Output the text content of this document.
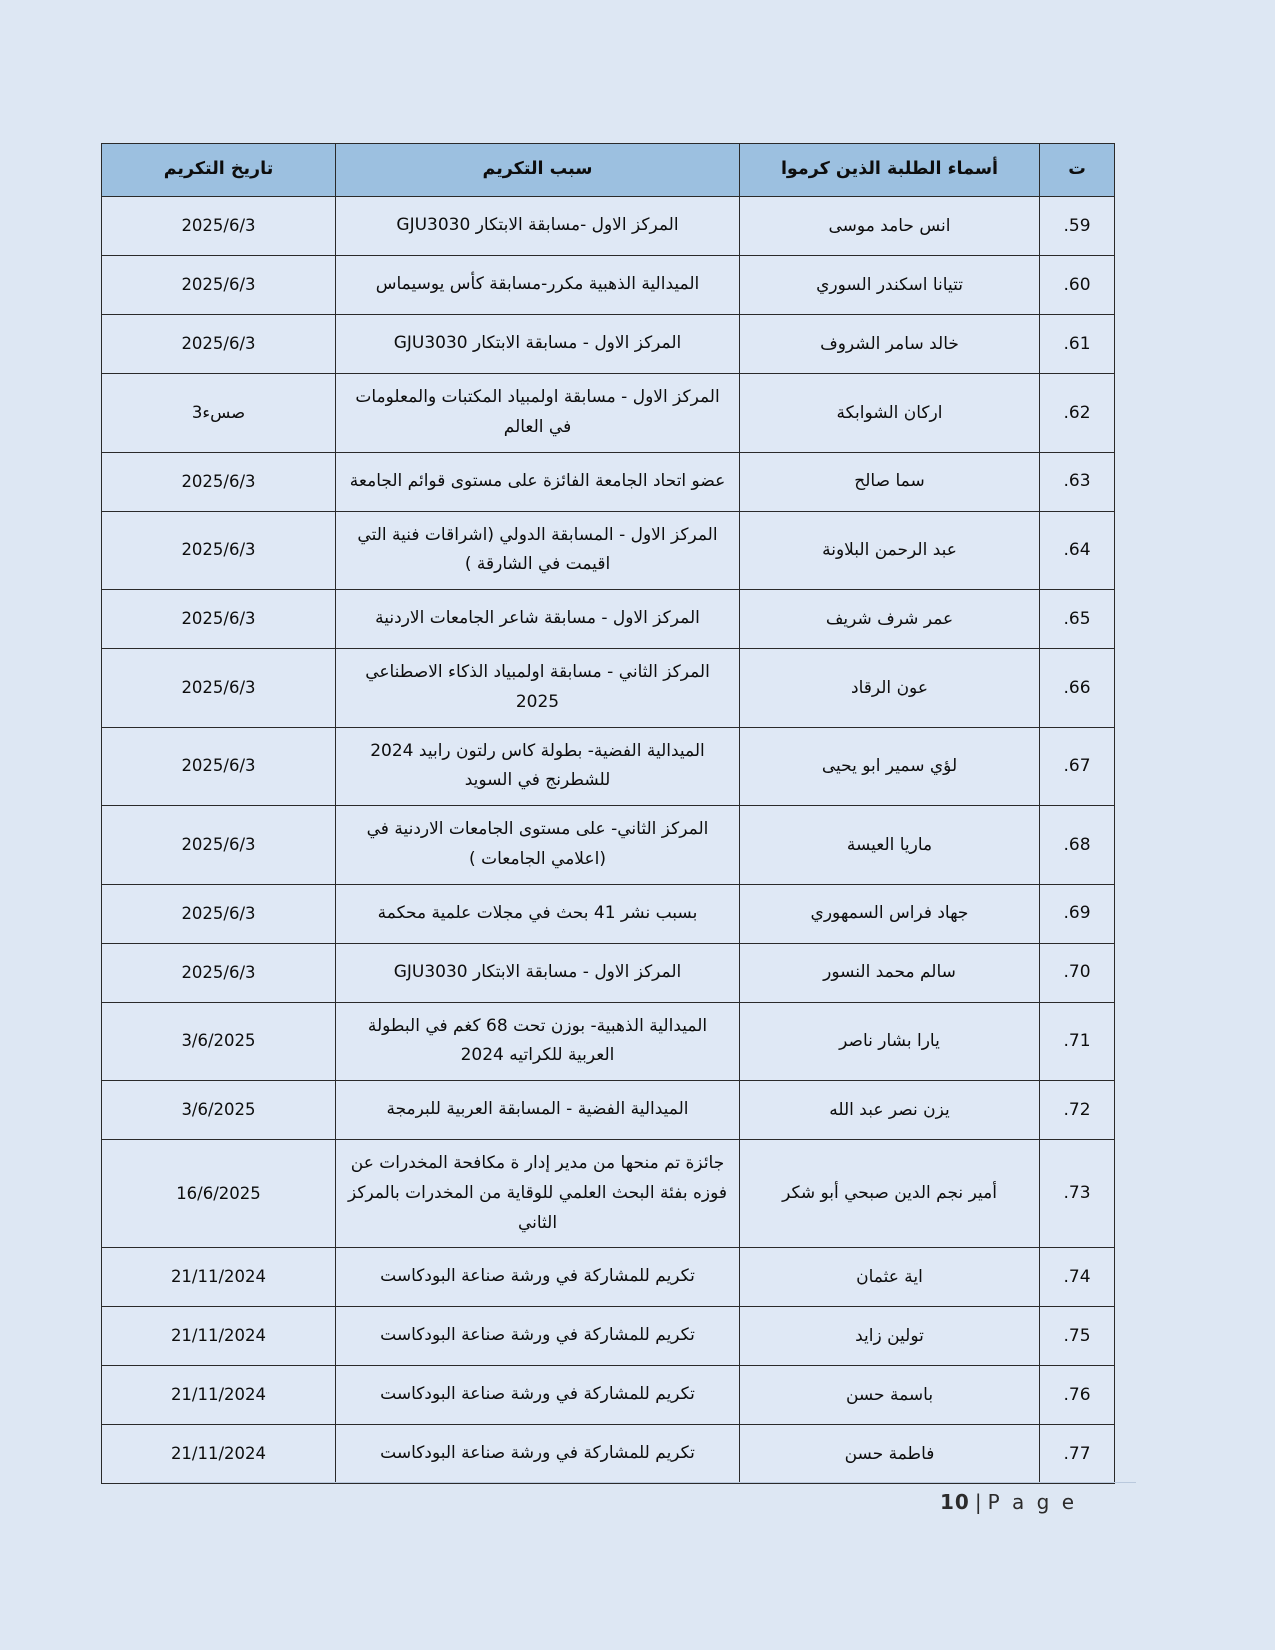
ت	أسماء الطلبة الذين كرموا	سبب التكريم	تاريخ التكريم

.59	انس حامد موسى	المركز الاول -مسابقة الابتكار GJU3030	2025/6/3

.60	تتيانا اسكندر السوري	الميدالية الذهبية مكرر-مسابقة كأس يوسيماس	2025/6/3

.61	خالد سامر الشروف	المركز الاول - مسابقة الابتكار GJU3030	2025/6/3

.62	اركان الشوابكة	المركز الاول - مسابقة اولمبياد المكتبات والمعلومات في العالم	3صسء

.63	سما صالح	عضو اتحاد الجامعة الفائزة على مستوى قوائم الجامعة	2025/6/3

.64	عبد الرحمن البلاونة	المركز الاول - المسابقة الدولي (اشراقات فنية التي اقيمت في الشارقة )	2025/6/3

.65	عمر شرف شريف	المركز الاول - مسابقة شاعر الجامعات الاردنية	2025/6/3

.66	عون الرقاد	المركز الثاني - مسابقة اولمبياد الذكاء الاصطناعي 2025	2025/6/3

.67	لؤي سمير ابو يحيى	الميدالية الفضية- بطولة كاس رلتون رابيد 2024 للشطرنج في السويد	2025/6/3

.68	ماريا العيسة	المركز الثاني- على مستوى الجامعات الاردنية في (اعلامي الجامعات )	2025/6/3

.69	جهاد فراس السمهوري	بسبب نشر 41 بحث في مجلات علمية محكمة	2025/6/3

.70	سالم محمد النسور	المركز الاول - مسابقة الابتكار GJU3030	2025/6/3

.71	يارا بشار ناصر	الميدالية الذهبية- بوزن تحت 68 كغم في البطولة العربية للكراتيه 2024	3/6/2025

.72	يزن نصر عبد الله	الميدالية الفضية - المسابقة العربية للبرمجة	3/6/2025

.73	أمير نجم الدين صبحي أبو شكر	جائزة تم منحها من مدير إدار ة مكافحة المخدرات عن فوزه بفئة البحث العلمي للوقاية من المخدرات بالمركز الثاني	16/6/2025

.74	اية عثمان	تكريم للمشاركة في ورشة صناعة البودكاست	21/11/2024

.75	تولين زايد	تكريم للمشاركة في ورشة صناعة البودكاست	21/11/2024

.76	باسمة حسن	تكريم للمشاركة في ورشة صناعة البودكاست	21/11/2024

.77	فاطمة حسن	تكريم للمشاركة في ورشة صناعة البودكاست	21/11/2024
10 | P a g e
